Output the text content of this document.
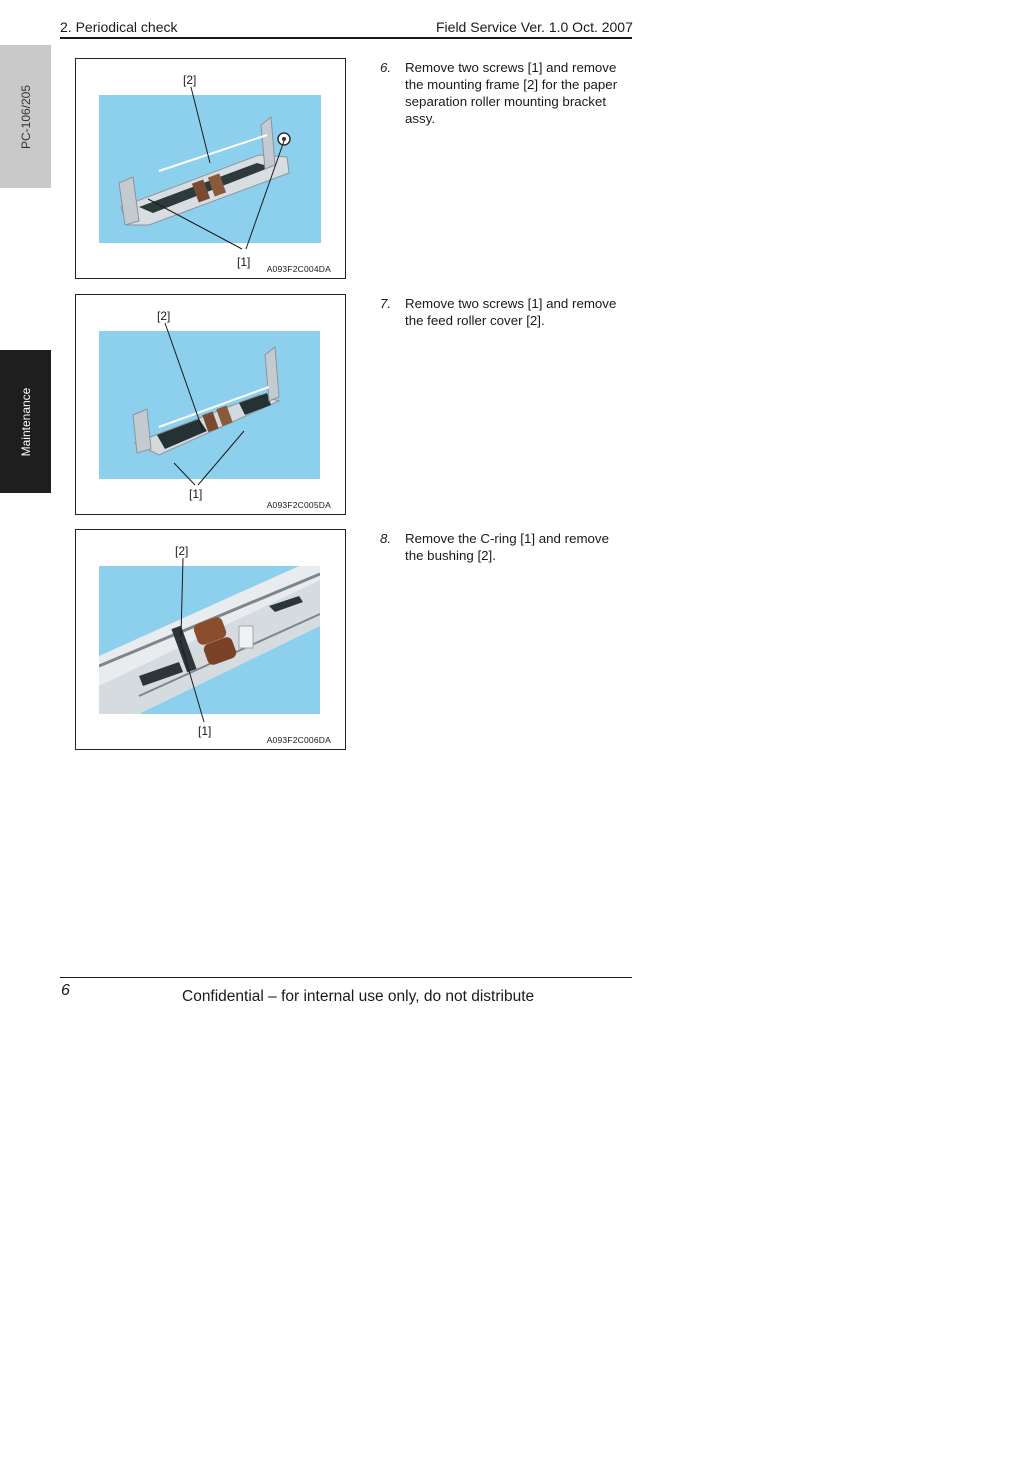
2. Periodical check	Field Service Ver. 1.0 Oct. 2007
PC-106/205
Maintenance
[2]
[1] A093F2C004DA
6. Remove two screws [1] and remove the mounting frame [2] for the paper separation roller mounting bracket assy.
[2]
[1]
A093F2C005DA
7. Remove two screws [1] and remove the feed roller cover [2].
[2]
[1]
A093F2C006DA
8. Remove the C-ring [1] and remove the bushing [2].
6	Confidential – for internal use only, do not distribute
